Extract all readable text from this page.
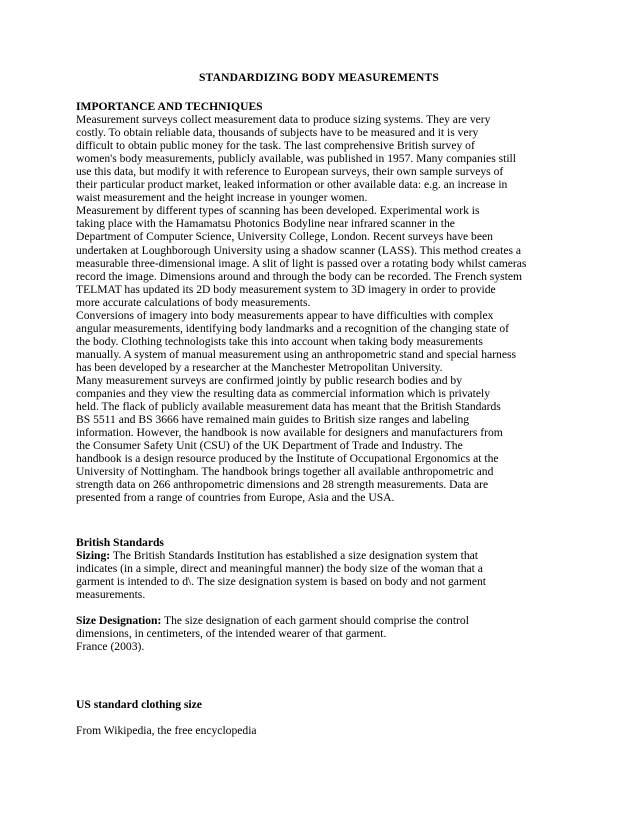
STANDARDIZING BODY MEASUREMENTS
IMPORTANCE AND TECHNIQUES
Measurement surveys collect measurement data to produce sizing systems. They are very
costly. To obtain reliable data, thousands of subjects have to be measured and it is very
difficult to obtain public money for the task. The last comprehensive British survey of
women's body measurements, publicly available, was published in 1957. Many companies still
use this data, but modify it with reference to European surveys, their own sample surveys of
their particular product market, leaked information or other available data: e.g. an increase in
waist measurement and the height increase in younger women.
Measurement by different types of scanning has been developed. Experimental work is
taking place with the Hamamatsu Photonics Bodyline near infrared scanner in the
Department of Computer Science, University College, London. Recent surveys have been
undertaken at Loughborough University using a shadow scanner (LASS). This method creates a
measurable three-dimensional image. A slit of light is passed over a rotating body whilst cameras
record the image. Dimensions around and through the body can be recorded. The French system
TELMAT has updated its 2D body measurement system to 3D imagery in order to provide
more accurate calculations of body measurements.
Conversions of imagery into body measurements appear to have difficulties with complex
angular measurements, identifying body landmarks and a recognition of the changing state of
the body. Clothing technologists take this into account when taking body measurements
manually. A system of manual measurement using an anthropometric stand and special harness
has been developed by a researcher at the Manchester Metropolitan University.
Many measurement surveys are confirmed jointly by public research bodies and by
companies and they view the resulting data as commercial information which is privately
held. The flack of publicly available measurement data has meant that the British Standards
BS 5511 and BS 3666 have remained main guides to British size ranges and labeling
information. However, the handbook is now available for designers and manufacturers from
the Consumer Safety Unit (CSU) of the UK Department of Trade and Industry. The
handbook is a design resource produced by the Institute of Occupational Ergonomics at the
University of Nottingham. The handbook brings together all available anthropometric and
strength data on 266 anthropometric dimensions and 28 strength measurements. Data are
presented from a range of countries from Europe, Asia and the USA.
British Standards
Sizing: The British Standards Institution has established a size designation system that
indicates (in a simple, direct and meaningful manner) the body size of the woman that a
garment is intended to d\. The size designation system is based on body and not garment
measurements.
Size Designation: The size designation of each garment should comprise the control
dimensions, in centimeters, of the intended wearer of that garment.
France (2003).
US standard clothing size
From Wikipedia, the free encyclopedia
